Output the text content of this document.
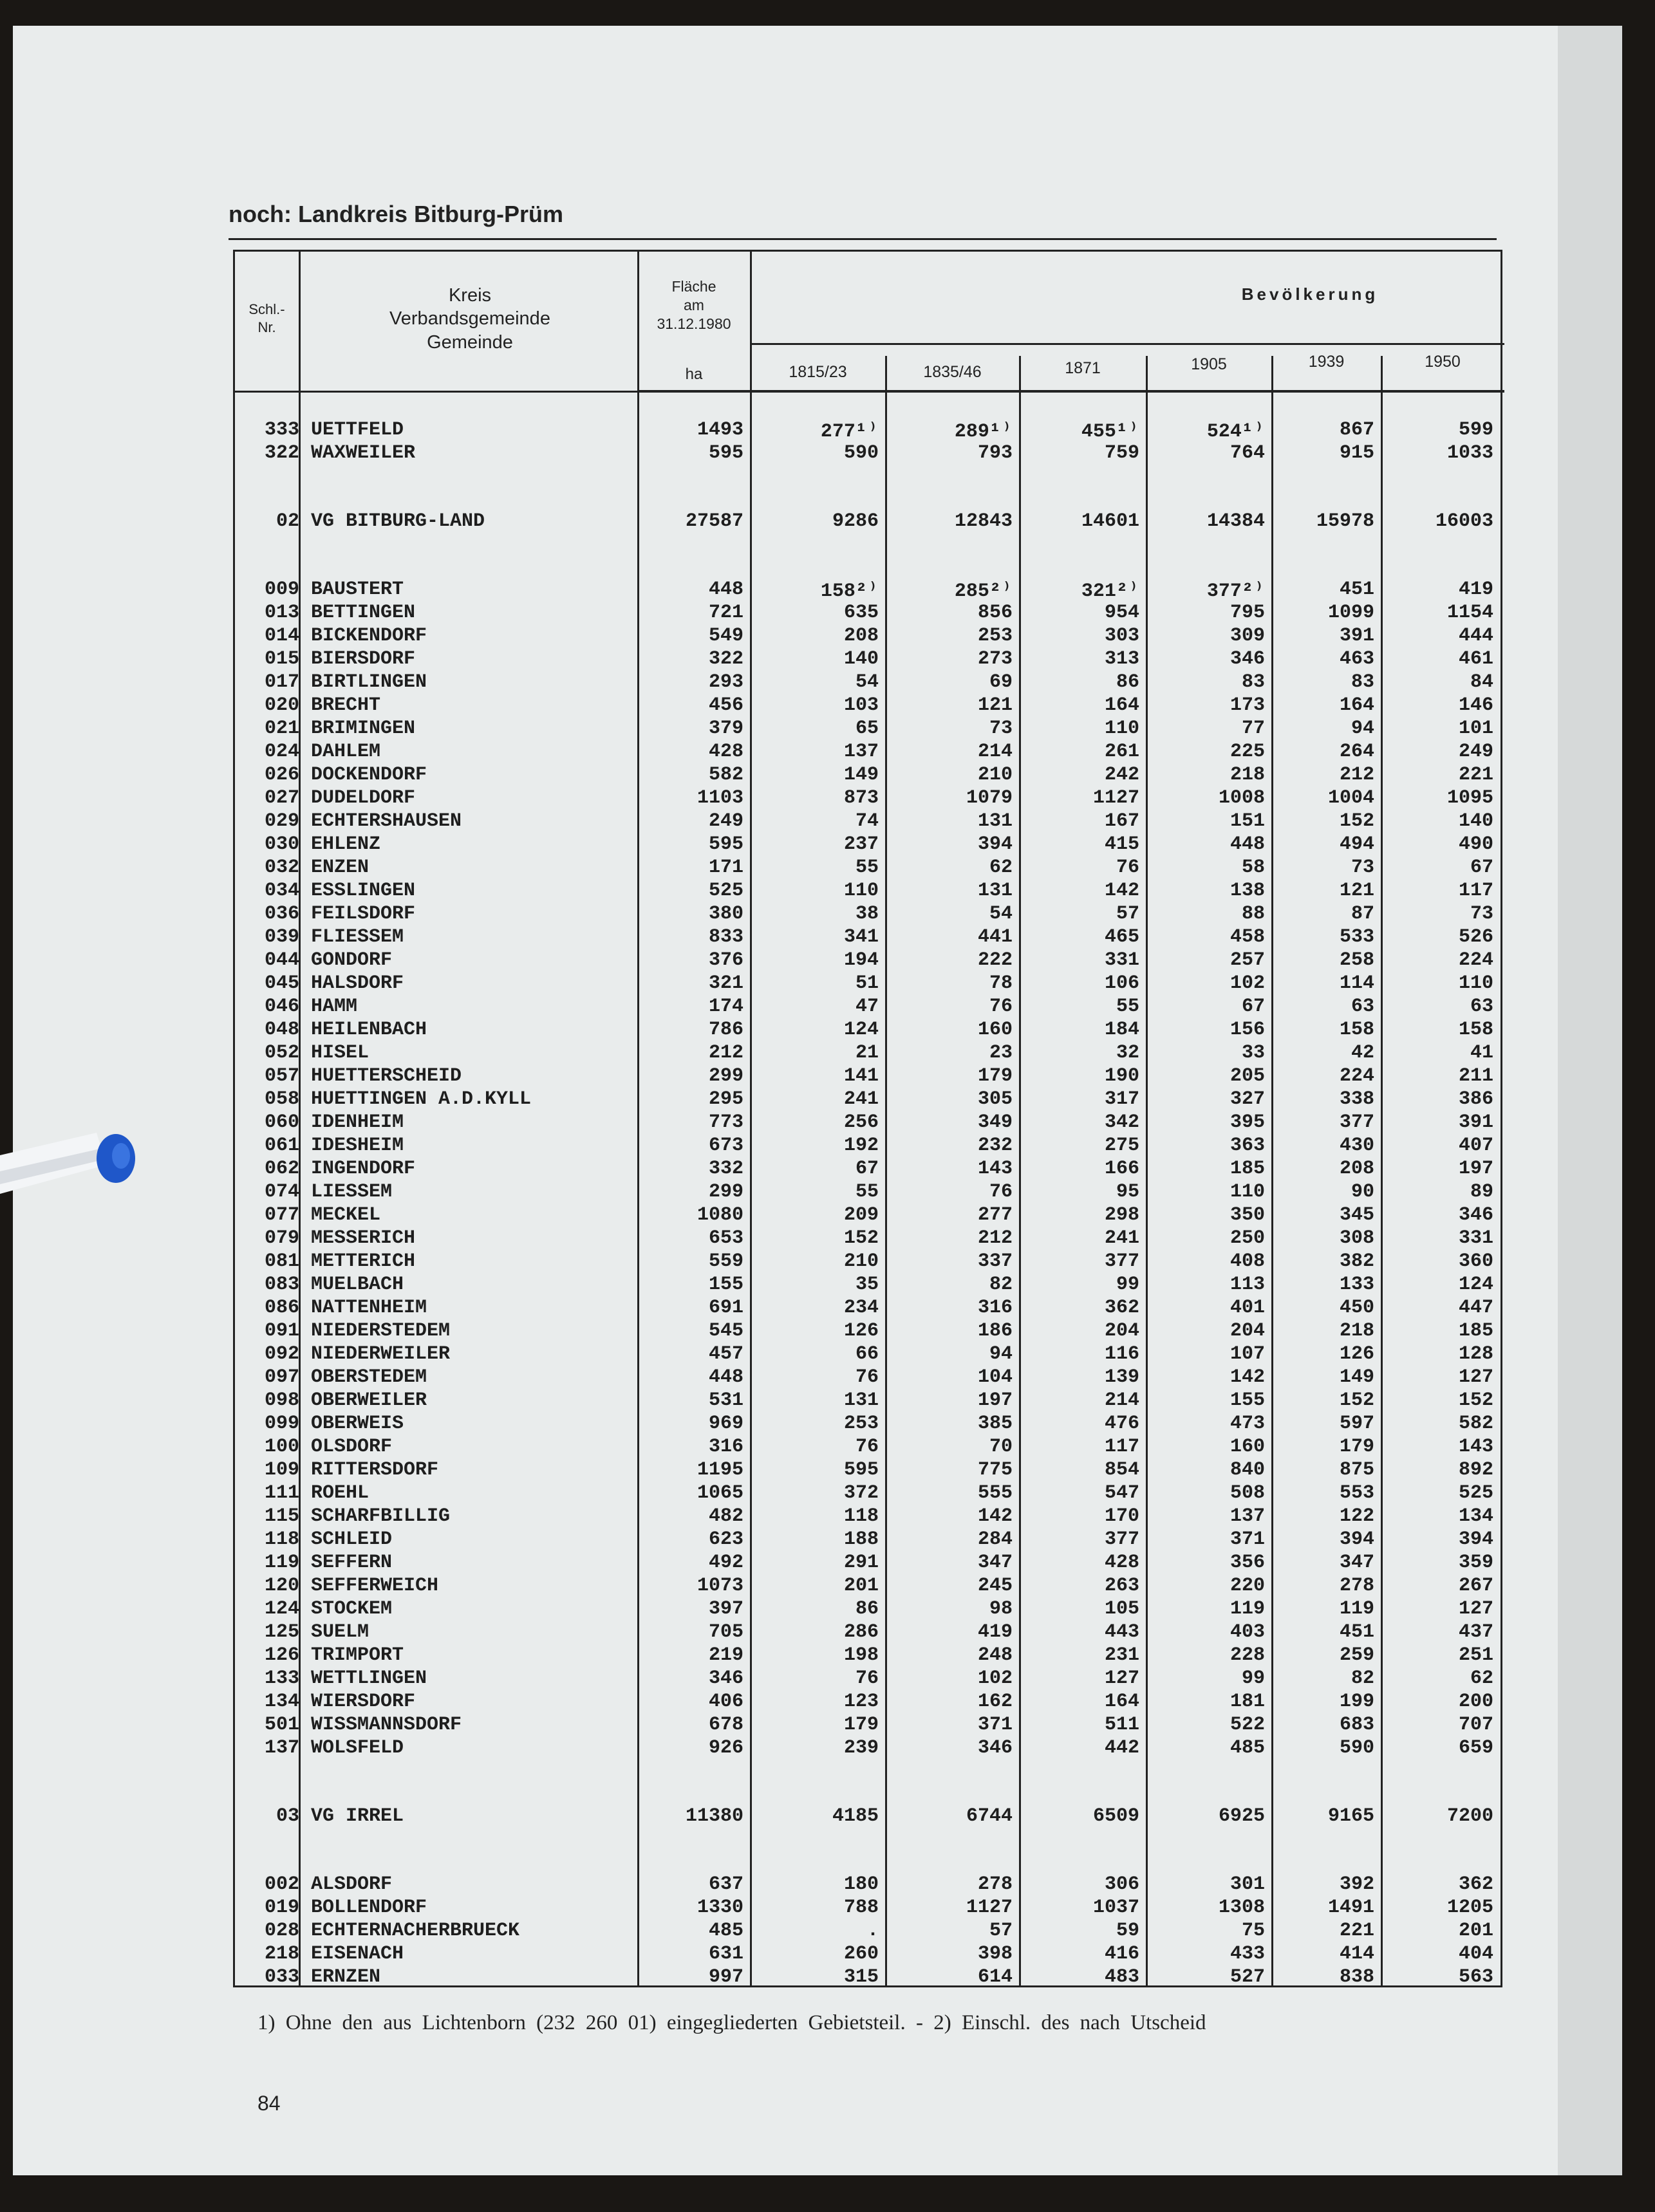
noch: Landkreis Bitburg-Prüm
Schl.-
Nr.
Kreis
Verbandsgemeinde
Gemeinde
Fläche
am
31.12.1980
ha
Bevölkerung
1815/23	1835/46	1871	1905	1939	1950
333 UETTFELD	1493	277¹⁾	289¹⁾	455¹⁾	524¹⁾	867	599
322 WAXWEILER	595	590	793	759	764	915	1033
02 VG BITBURG-LAND	27587	9286	12843	14601	14384	15978	16003
009 BAUSTERT	448	158²⁾	285²⁾	321²⁾	377²⁾	451	419
013 BETTINGEN	721	635	856	954	795	1099	1154
014 BICKENDORF	549	208	253	303	309	391	444
015 BIERSDORF	322	140	273	313	346	463	461
017 BIRTLINGEN	293	54	69	86	83	83	84
020 BRECHT	456	103	121	164	173	164	146
021 BRIMINGEN	379	65	73	110	77	94	101
024 DAHLEM	428	137	214	261	225	264	249
026 DOCKENDORF	582	149	210	242	218	212	221
027 DUDELDORF	1103	873	1079	1127	1008	1004	1095
029 ECHTERSHAUSEN	249	74	131	167	151	152	140
030 EHLENZ	595	237	394	415	448	494	490
032 ENZEN	171	55	62	76	58	73	67
034 ESSLINGEN	525	110	131	142	138	121	117
036 FEILSDORF	380	38	54	57	88	87	73
039 FLIESSEM	833	341	441	465	458	533	526
044 GONDORF	376	194	222	331	257	258	224
045 HALSDORF	321	51	78	106	102	114	110
046 HAMM	174	47	76	55	67	63	63
048 HEILENBACH	786	124	160	184	156	158	158
052 HISEL	212	21	23	32	33	42	41
057 HUETTERSCHEID	299	141	179	190	205	224	211
058 HUETTINGEN A.D.KYLL	295	241	305	317	327	338	386
060 IDENHEIM	773	256	349	342	395	377	391
061 IDESHEIM	673	192	232	275	363	430	407
062 INGENDORF	332	67	143	166	185	208	197
074 LIESSEM	299	55	76	95	110	90	89
077 MECKEL	1080	209	277	298	350	345	346
079 MESSERICH	653	152	212	241	250	308	331
081 METTERICH	559	210	337	377	408	382	360
083 MUELBACH	155	35	82	99	113	133	124
086 NATTENHEIM	691	234	316	362	401	450	447
091 NIEDERSTEDEM	545	126	186	204	204	218	185
092 NIEDERWEILER	457	66	94	116	107	126	128
097 OBERSTEDEM	448	76	104	139	142	149	127
098 OBERWEILER	531	131	197	214	155	152	152
099 OBERWEIS	969	253	385	476	473	597	582
100 OLSDORF	316	76	70	117	160	179	143
109 RITTERSDORF	1195	595	775	854	840	875	892
111 ROEHL	1065	372	555	547	508	553	525
115 SCHARFBILLIG	482	118	142	170	137	122	134
118 SCHLEID	623	188	284	377	371	394	394
119 SEFFERN	492	291	347	428	356	347	359
120 SEFFERWEICH	1073	201	245	263	220	278	267
124 STOCKEM	397	86	98	105	119	119	127
125 SUELM	705	286	419	443	403	451	437
126 TRIMPORT	219	198	248	231	228	259	251
133 WETTLINGEN	346	76	102	127	99	82	62
134 WIERSDORF	406	123	162	164	181	199	200
501 WISSMANNSDORF	678	179	371	511	522	683	707
137 WOLSFELD	926	239	346	442	485	590	659
03 VG IRREL	11380	4185	6744	6509	6925	9165	7200
002 ALSDORF	637	180	278	306	301	392	362
019 BOLLENDORF	1330	788	1127	1037	1308	1491	1205
028 ECHTERNACHERBRUECK	485	.	57	59	75	221	201
218 EISENACH	631	260	398	416	433	414	404
033 ERNZEN	997	315	614	483	527	838	563
1) Ohne den aus Lichtenborn (232 260 01) eingegliederten Gebietsteil. - 2) Einschl. des nach Utscheid
84
